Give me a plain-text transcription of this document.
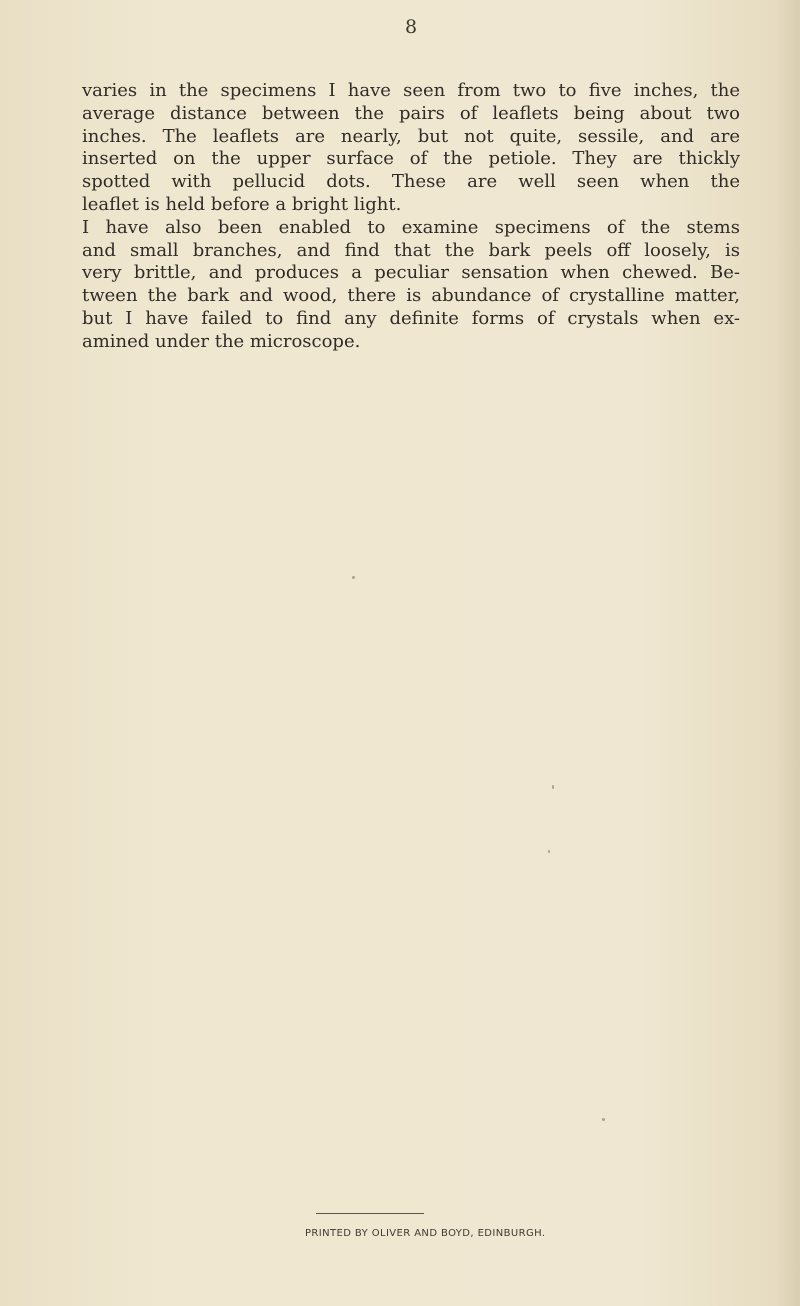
8

varies in the specimens I have seen from two to five inches, the
average distance between the pairs of leaflets being about two
inches. The leaflets are nearly, but not quite, sessile, and are
inserted on the upper surface of the petiole. They are thickly
spotted with pellucid dots. These are well seen when the
leaflet is held before a bright light.
I have also been enabled to examine specimens of the stems
and small branches, and find that the bark peels off loosely, is
very brittle, and produces a peculiar sensation when chewed. Be-
tween the bark and wood, there is abundance of crystalline matter,
but I have failed to find any definite forms of crystals when ex-
amined under the microscope.

PRINTED BY OLIVER AND BOYD, EDINBURGH.
